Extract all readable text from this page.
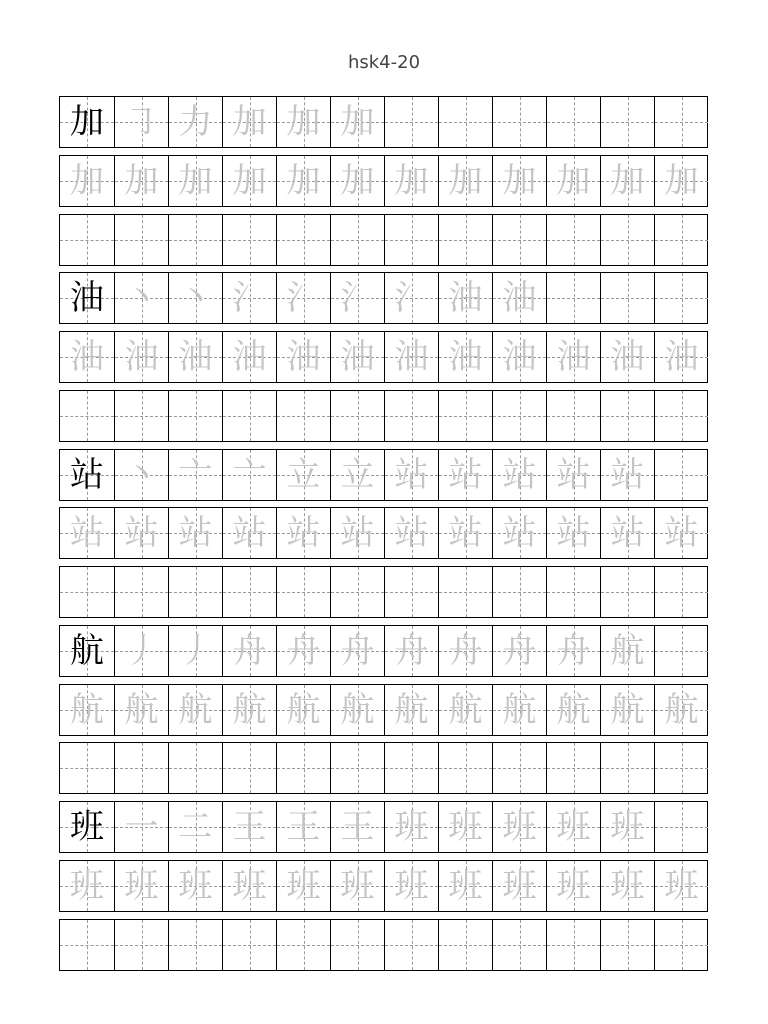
hsk4-20
加 ㇆ 力 加 加 加
加 加 加 加 加 加 加 加 加 加 加 加
油 丶 丶 氵 氵 氵 氵 油 油
油 油 油 油 油 油 油 油 油 油 油 油
站 丶 亠 亠 立 立 站 站 站 站 站
站 站 站 站 站 站 站 站 站 站 站 站
航 丿 丿 舟 舟 舟 舟 舟 舟 舟 航
航 航 航 航 航 航 航 航 航 航 航 航
班 一 二 王 王 王 班 班 班 班 班
班 班 班 班 班 班 班 班 班 班 班 班
